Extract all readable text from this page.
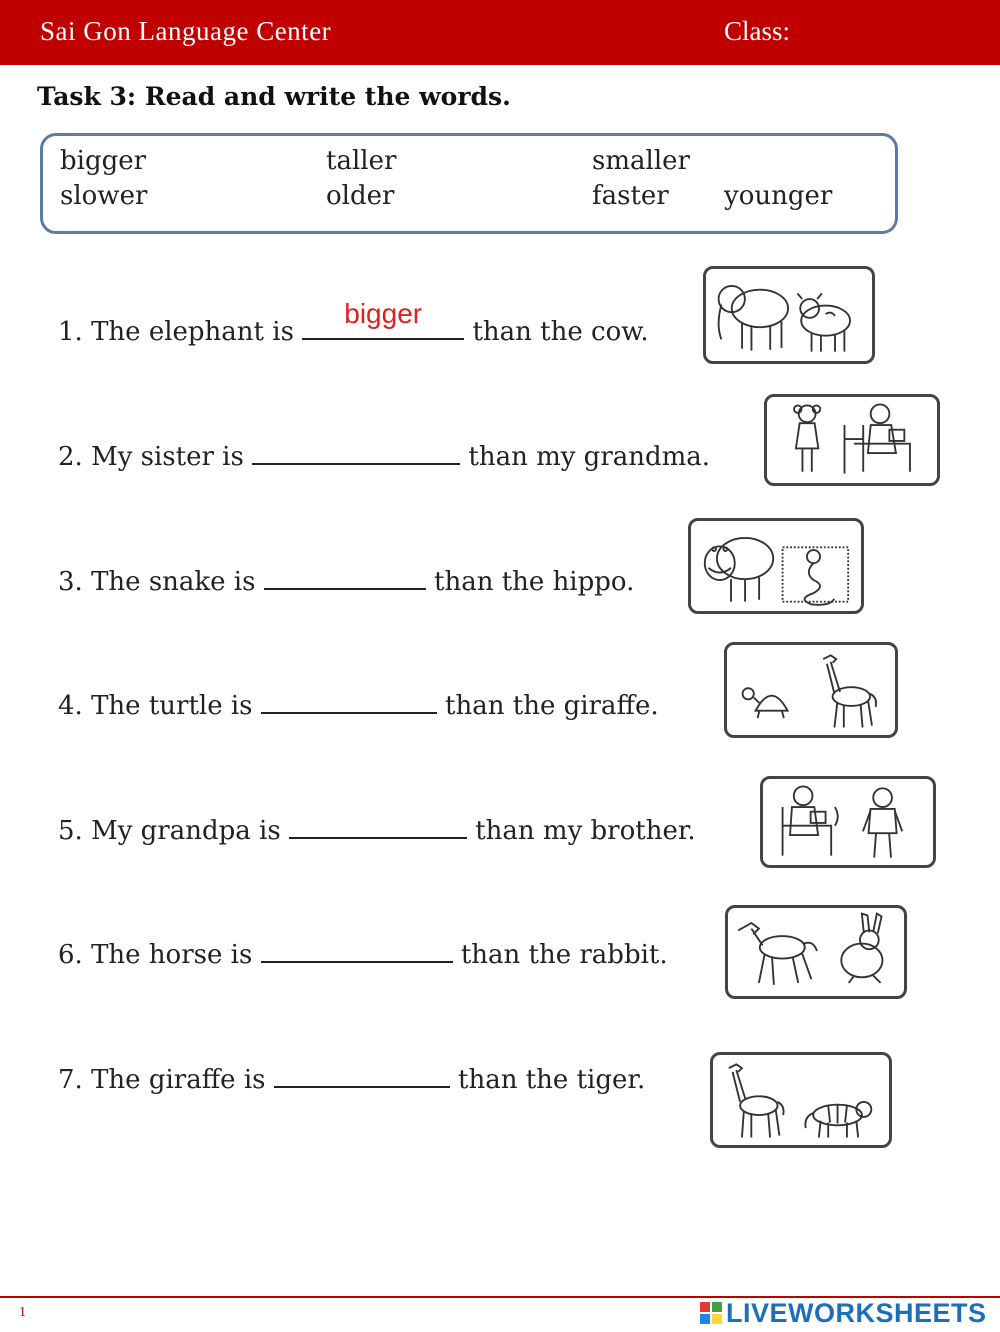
Sai Gon Language Center	Class:
Task 3: Read and write the words.
bigger	taller	smaller
slower	older	faster younger
1. The elephant is
bigger
than the cow.
2. My sister is	than my grandma.
3. The snake is	than the hippo.
4. The turtle is	than the giraffe.
5. My grandpa is	than my brother.
6. The horse is	than the rabbit.
7. The giraffe is	than the tiger.
1	LIVEWORKSHEETS
